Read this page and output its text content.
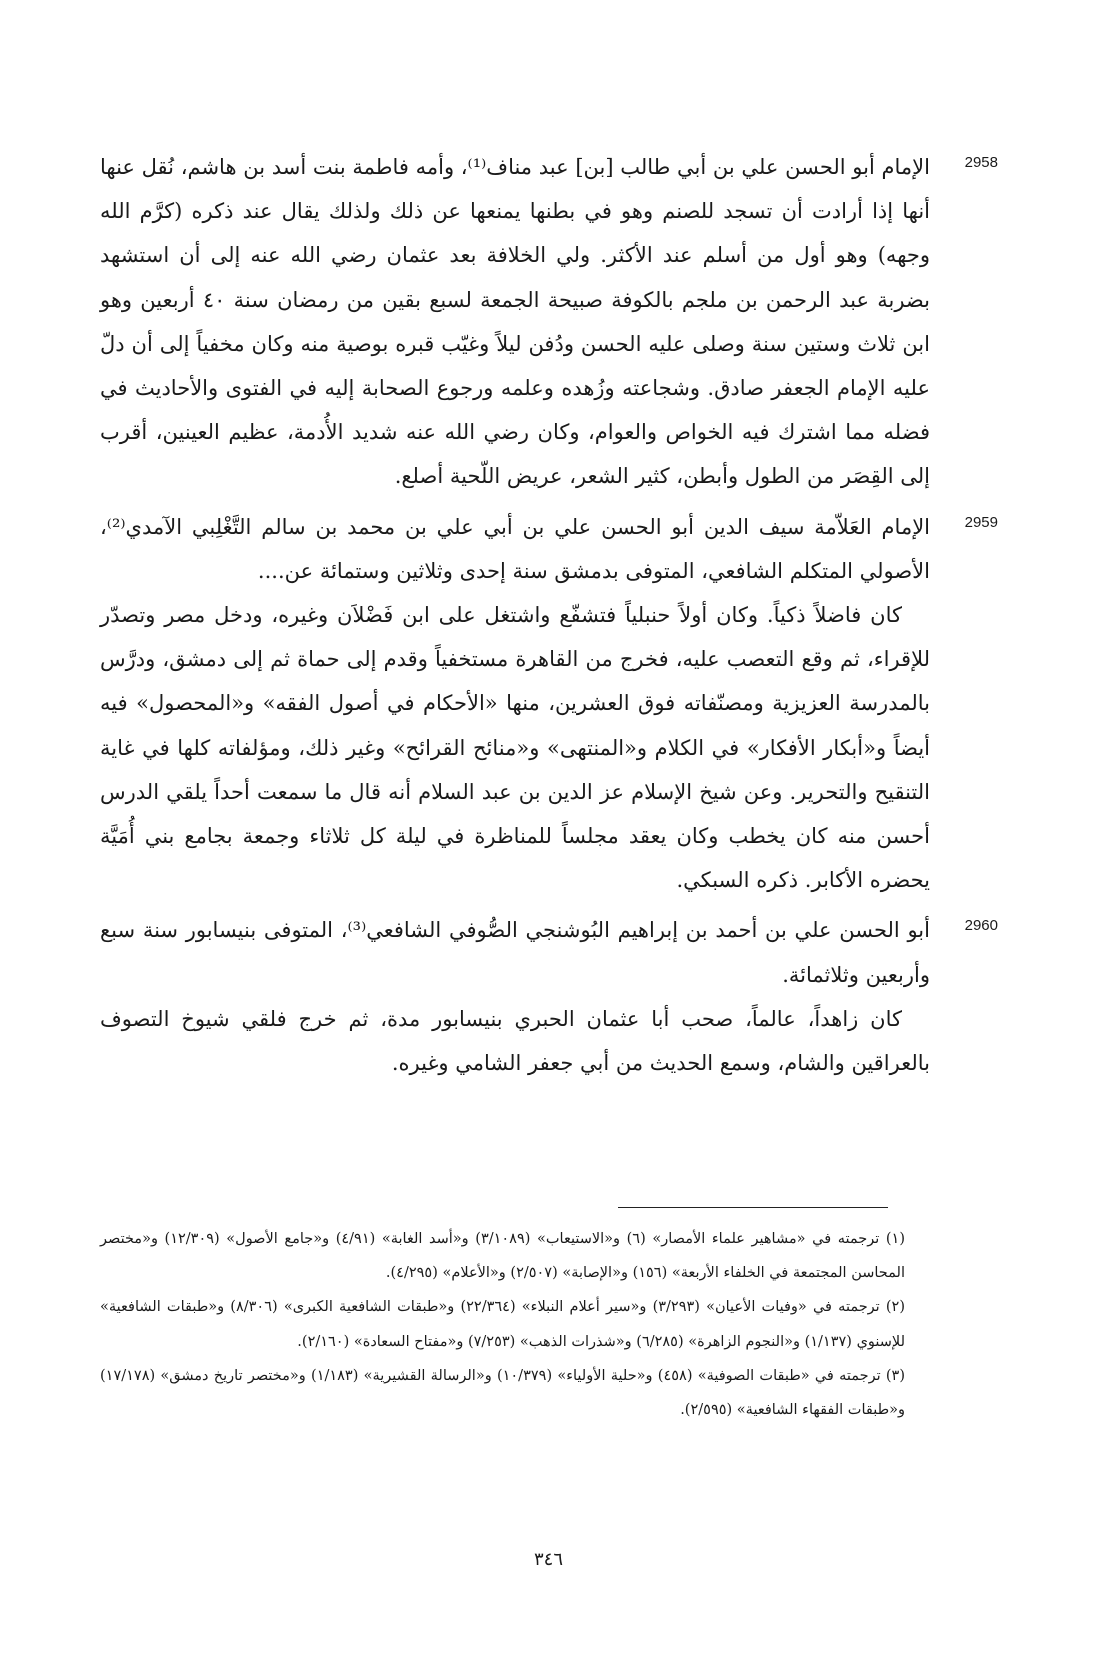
2958

الإمام أبو الحسن علي بن أبي طالب [بن] عبد مناف⁽¹⁾، وأمه فاطمة بنت أسد بن هاشم، نُقل عنها أنها إذا أرادت أن تسجد للصنم وهو في بطنها يمنعها عن ذلك ولذلك يقال عند ذكره (كرَّم الله وجهه) وهو أول من أسلم عند الأكثر. ولي الخلافة بعد عثمان رضي الله عنه إلى أن استشهد بضربة عبد الرحمن بن ملجم بالكوفة صبيحة الجمعة لسبع بقين من رمضان سنة ٤٠ أربعين وهو ابن ثلاث وستين سنة وصلى عليه الحسن ودُفن ليلاً وغيّب قبره بوصية منه وكان مخفياً إلى أن دلّ عليه الإمام الجعفر صادق. وشجاعته وزُهده وعلمه ورجوع الصحابة إليه في الفتوى والأحاديث في فضله مما اشترك فيه الخواص والعوام، وكان رضي الله عنه شديد الأُدمة، عظيم العينين، أقرب إلى القِصَر من الطول وأبطن، كثير الشعر، عريض اللّحية أصلع.

2959

الإمام العَلاّمة سيف الدين أبو الحسن علي بن أبي علي بن محمد بن سالم التَّغْلِبي الآمدي⁽²⁾، الأصولي المتكلم الشافعي، المتوفى بدمشق سنة إحدى وثلاثين وستمائة عن....

كان فاضلاً ذكياً. وكان أولاً حنبلياً فتشفّع واشتغل على ابن فَضْلاَن وغيره، ودخل مصر وتصدّر للإقراء، ثم وقع التعصب عليه، فخرج من القاهرة مستخفياً وقدم إلى حماة ثم إلى دمشق، ودرَّس بالمدرسة العزيزية ومصنّفاته فوق العشرين، منها «الأحكام في أصول الفقه» و«المحصول» فيه أيضاً و«أبكار الأفكار» في الكلام و«المنتهى» و«منائح القرائح» وغير ذلك، ومؤلفاته كلها في غاية التنقيح والتحرير. وعن شيخ الإسلام عز الدين بن عبد السلام أنه قال ما سمعت أحداً يلقي الدرس أحسن منه كان يخطب وكان يعقد مجلساً للمناظرة في ليلة كل ثلاثاء وجمعة بجامع بني أُمَيَّة يحضره الأكابر. ذكره السبكي.

2960

أبو الحسن علي بن أحمد بن إبراهيم البُوشنجي الصُّوفي الشافعي⁽³⁾، المتوفى بنيسابور سنة سبع وأربعين وثلاثمائة.

كان زاهداً، عالماً، صحب أبا عثمان الحبري بنيسابور مدة، ثم خرج فلقي شيوخ التصوف بالعراقين والشام، وسمع الحديث من أبي جعفر الشامي وغيره.

(١) ترجمته في «مشاهير علماء الأمصار» (٦) و«الاستيعاب» (٣/١٠٨٩) و«أسد الغابة» (٤/٩١) و«جامع الأصول» (١٢/٣٠٩) و«مختصر المحاسن المجتمعة في الخلفاء الأربعة» (١٥٦) و«الإصابة» (٢/٥٠٧) و«الأعلام» (٤/٢٩٥).

(٢) ترجمته في «وفيات الأعيان» (٣/٢٩٣) و«سير أعلام النبلاء» (٢٢/٣٦٤) و«طبقات الشافعية الكبرى» (٨/٣٠٦) و«طبقات الشافعية» للإسنوي (١/١٣٧) و«النجوم الزاهرة» (٦/٢٨٥) و«شذرات الذهب» (٧/٢٥٣) و«مفتاح السعادة» (٢/١٦٠).

(٣) ترجمته في «طبقات الصوفية» (٤٥٨) و«حلية الأولياء» (١٠/٣٧٩) و«الرسالة القشيرية» (١/١٨٣) و«مختصر تاريخ دمشق» (١٧/١٧٨) و«طبقات الفقهاء الشافعية» (٢/٥٩٥).

٣٤٦
